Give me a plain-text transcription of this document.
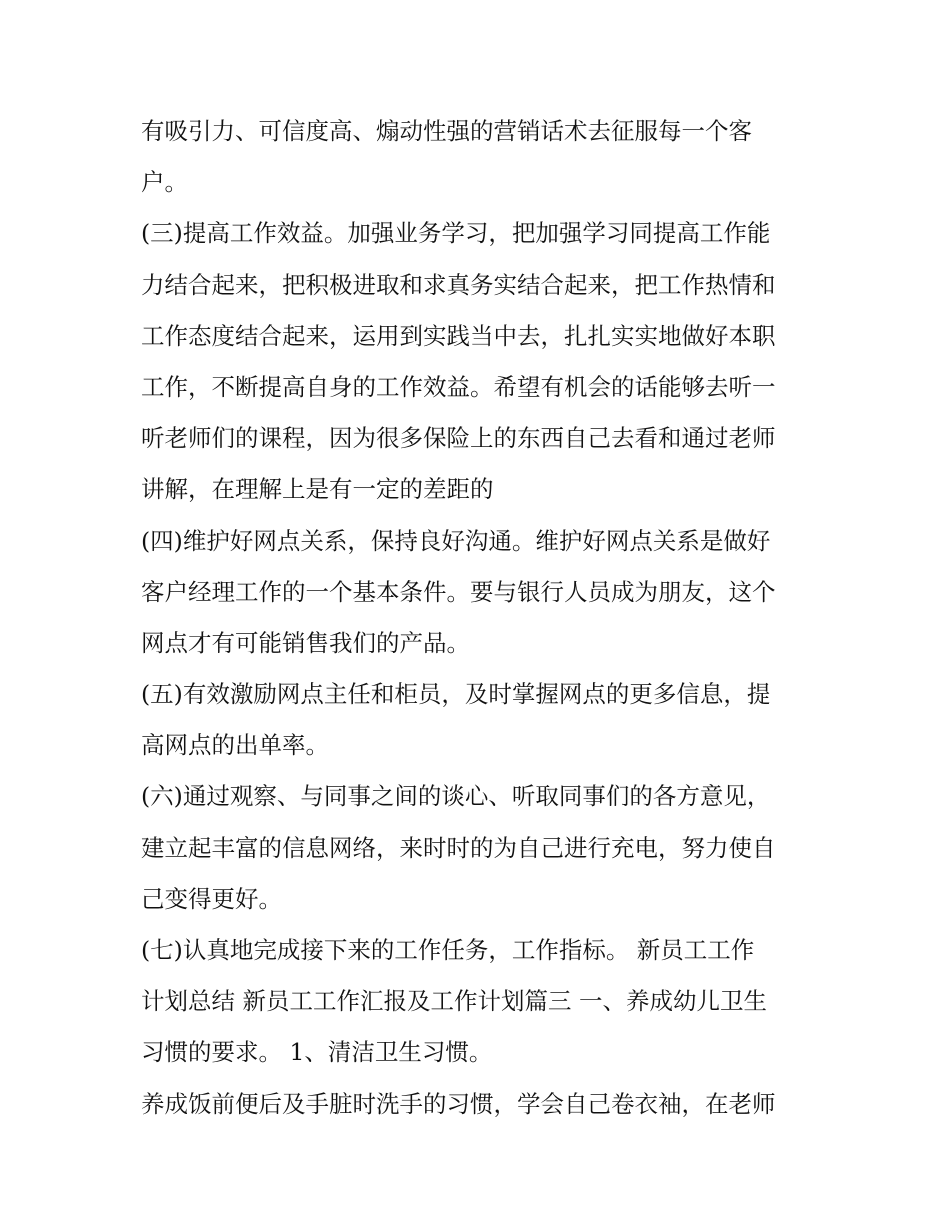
有吸引力、可信度高、煽动性强的营销话术去征服每一个客
户。
(三)提高工作效益。加强业务学习，把加强学习同提高工作能
力结合起来，把积极进取和求真务实结合起来，把工作热情和
工作态度结合起来，运用到实践当中去，扎扎实实地做好本职
工作，不断提高自身的工作效益。希望有机会的话能够去听一
听老师们的课程，因为很多保险上的东西自己去看和通过老师
讲解，在理解上是有一定的差距的
(四)维护好网点关系，保持良好沟通。维护好网点关系是做好
客户经理工作的一个基本条件。要与银行人员成为朋友，这个
网点才有可能销售我们的产品。
(五)有效激励网点主任和柜员，及时掌握网点的更多信息，提
高网点的出单率。
(六)通过观察、与同事之间的谈心、听取同事们的各方意见，
建立起丰富的信息网络，来时时的为自己进行充电，努力使自
己变得更好。
(七)认真地完成接下来的工作任务，工作指标。 新员工工作
计划总结 新员工工作汇报及工作计划篇三 一、养成幼儿卫生
习惯的要求。 1、清洁卫生习惯。
养成饭前便后及手脏时洗手的习惯，学会自己卷衣袖，在老师
